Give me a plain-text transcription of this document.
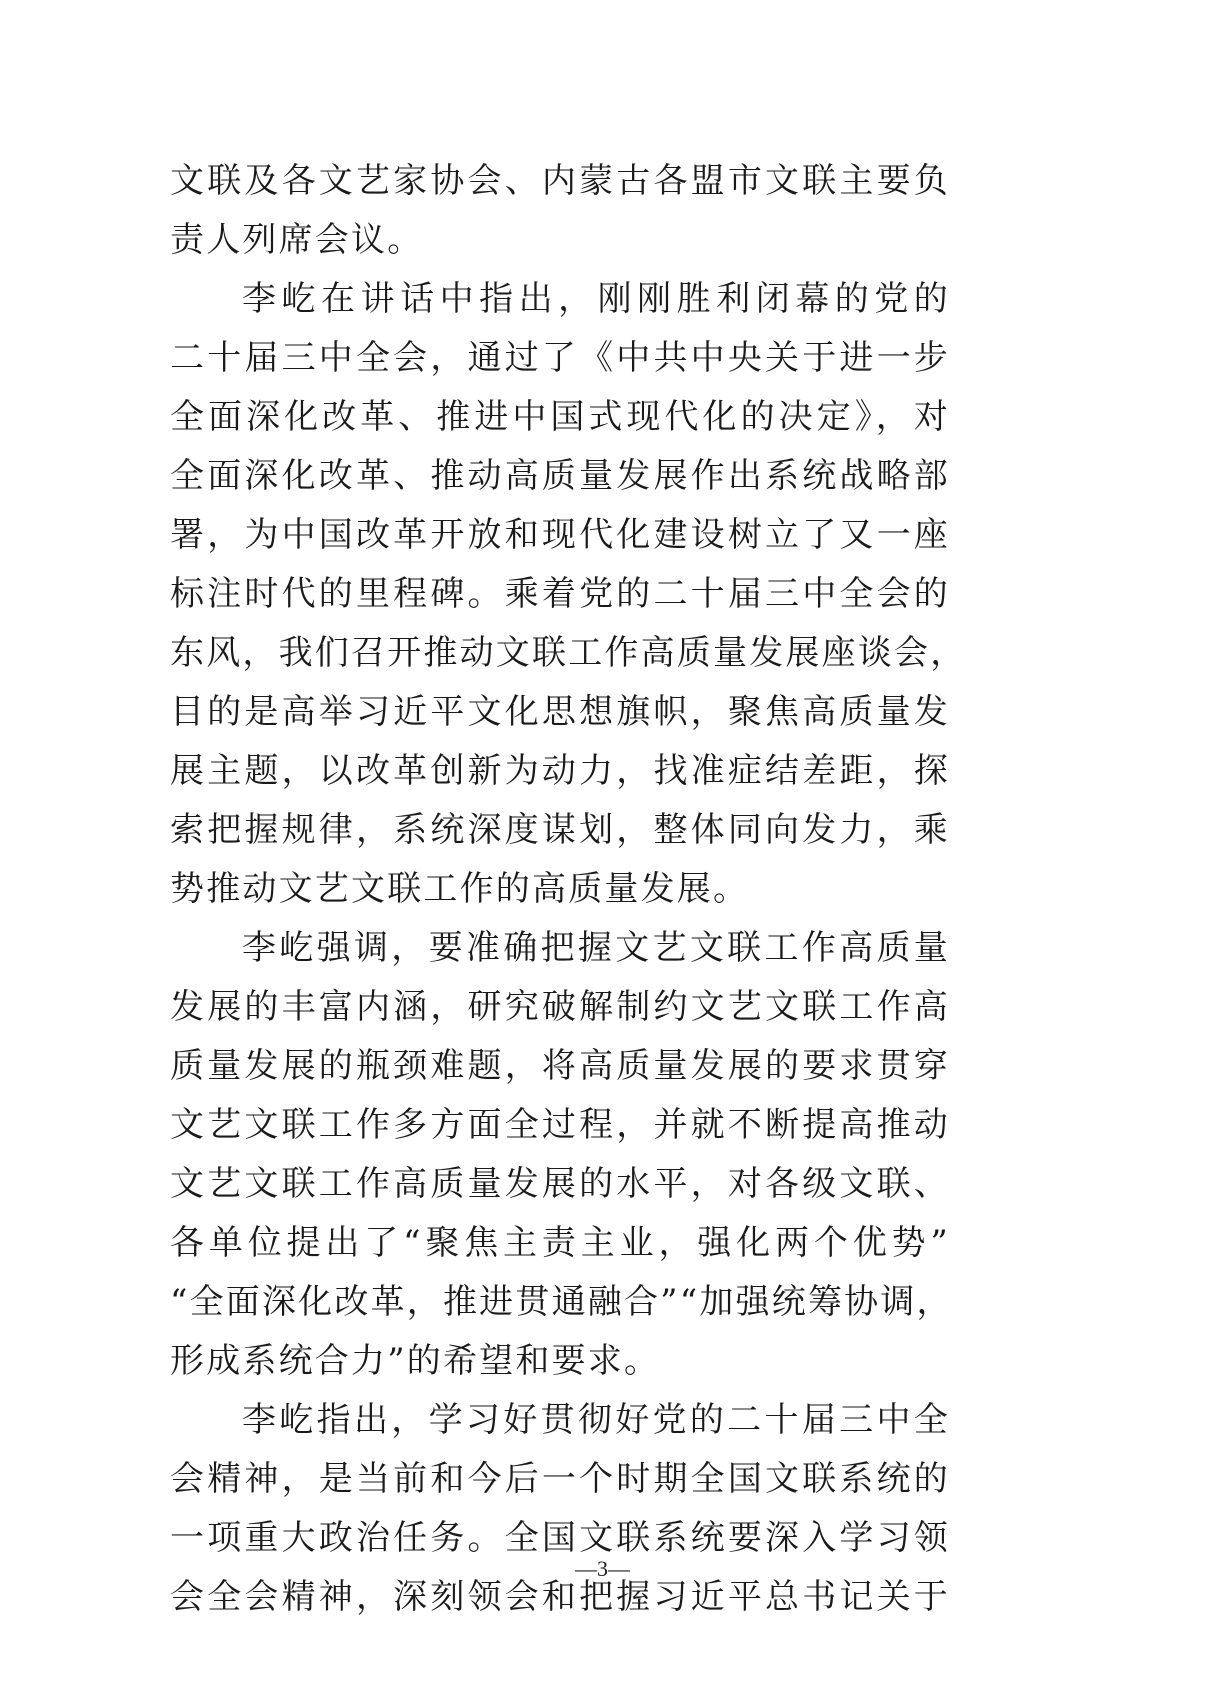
文联及各文艺家协会、内蒙古各盟市文联主要负
责人列席会议。
李屹在讲话中指出，刚刚胜利闭幕的党的
二十届三中全会，通过了《中共中央关于进一步
全面深化改革、推进中国式现代化的决定》，对
全面深化改革、推动高质量发展作出系统战略部
署，为中国改革开放和现代化建设树立了又一座
标注时代的里程碑。乘着党的二十届三中全会的
东风，我们召开推动文联工作高质量发展座谈会，
目的是高举习近平文化思想旗帜，聚焦高质量发
展主题，以改革创新为动力，找准症结差距，探
索把握规律，系统深度谋划，整体同向发力，乘
势推动文艺文联工作的高质量发展。
李屹强调，要准确把握文艺文联工作高质量
发展的丰富内涵，研究破解制约文艺文联工作高
质量发展的瓶颈难题，将高质量发展的要求贯穿
文艺文联工作多方面全过程，并就不断提高推动
文艺文联工作高质量发展的水平，对各级文联、
各单位提出了“聚焦主责主业，强化两个优势”
“全面深化改革，推进贯通融合”“加强统筹协调，
形成系统合力”的希望和要求。
李屹指出，学习好贯彻好党的二十届三中全
会精神，是当前和今后一个时期全国文联系统的
一项重大政治任务。全国文联系统要深入学习领
会全会精神，深刻领会和把握习近平总书记关于
—3—
